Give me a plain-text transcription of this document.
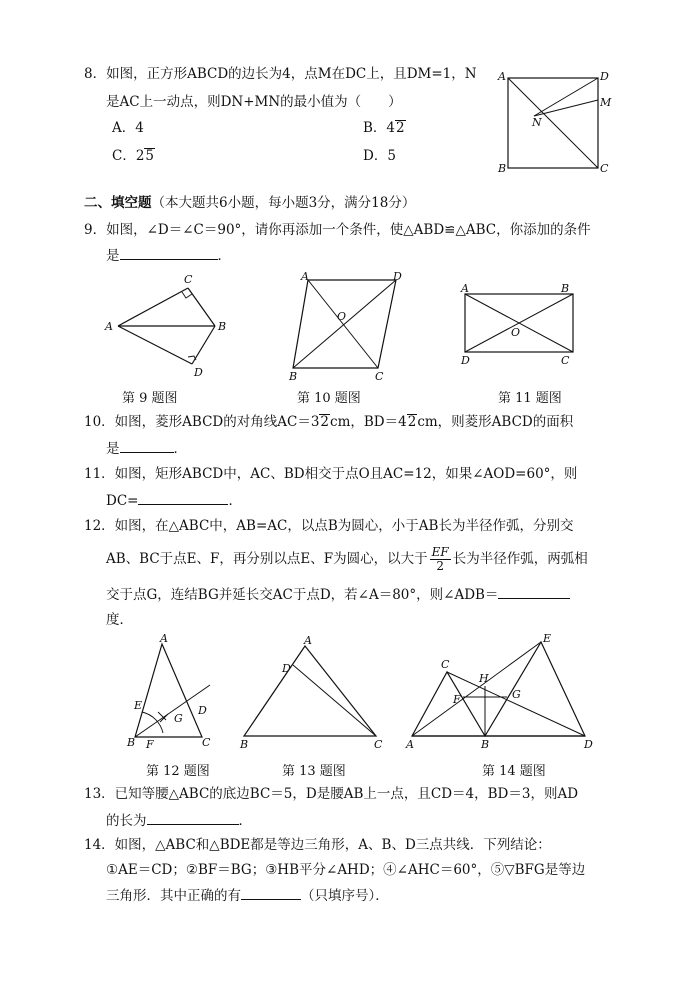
8．如图，正方形ABCD的边长为4，点M在DC上，且DM=1，N
是AC上一动点，则DN+MN的最小值为（　　）
A．4	B．42
C．25	D．5
A	D
M
N
B	C
二、填空题（本大题共6小题，每小题3分，满分18分）
9．如图，∠D＝∠C＝90°，请你再添加一个条件，使△ABD≌△ABC，你添加的条件
是	．
C
A	B
D
A	D
O
B	C
A	B
O
D	C
第 9 题图	第 10 题图	第 11 题图
10．如图，菱形ABCD的对角线AC＝32cm，BD＝42cm，则菱形ABCD的面积
是	．
11．如图，矩形ABCD中，AC、BD相交于点O且AC=12，如果∠AOD=60°，则
DC=	．
12．如图，在△ABC中，AB=AC，以点B为圆心，小于AB长为半径作弧，分别交
AB、BC于点E、F，再分别以点E、F为圆心，以大于 $\frac{EF}{2}$ 长为半径作弧，两弧相
交于点G，连结BG并延长交AC于点D，若∠A＝80°，则∠ADB＝
度．
A
E
G
D
B F	C
A
D
B	C
E
C
H
F	G
A	B	D
第 12 题图	第 13 题图	第 14 题图
13．已知等腰△ABC的底边BC＝5，D是腰AB上一点，且CD＝4，BD＝3，则AD
的长为	．
14．如图，△ABC和△BDE都是等边三角形，A、B、D三点共线．下列结论：
①AE＝CD；②BF＝BG；③HB平分∠AHD；④∠AHC＝60°，⑤▽BFG是等边
三角形．其中正确的有	（只填序号）．
